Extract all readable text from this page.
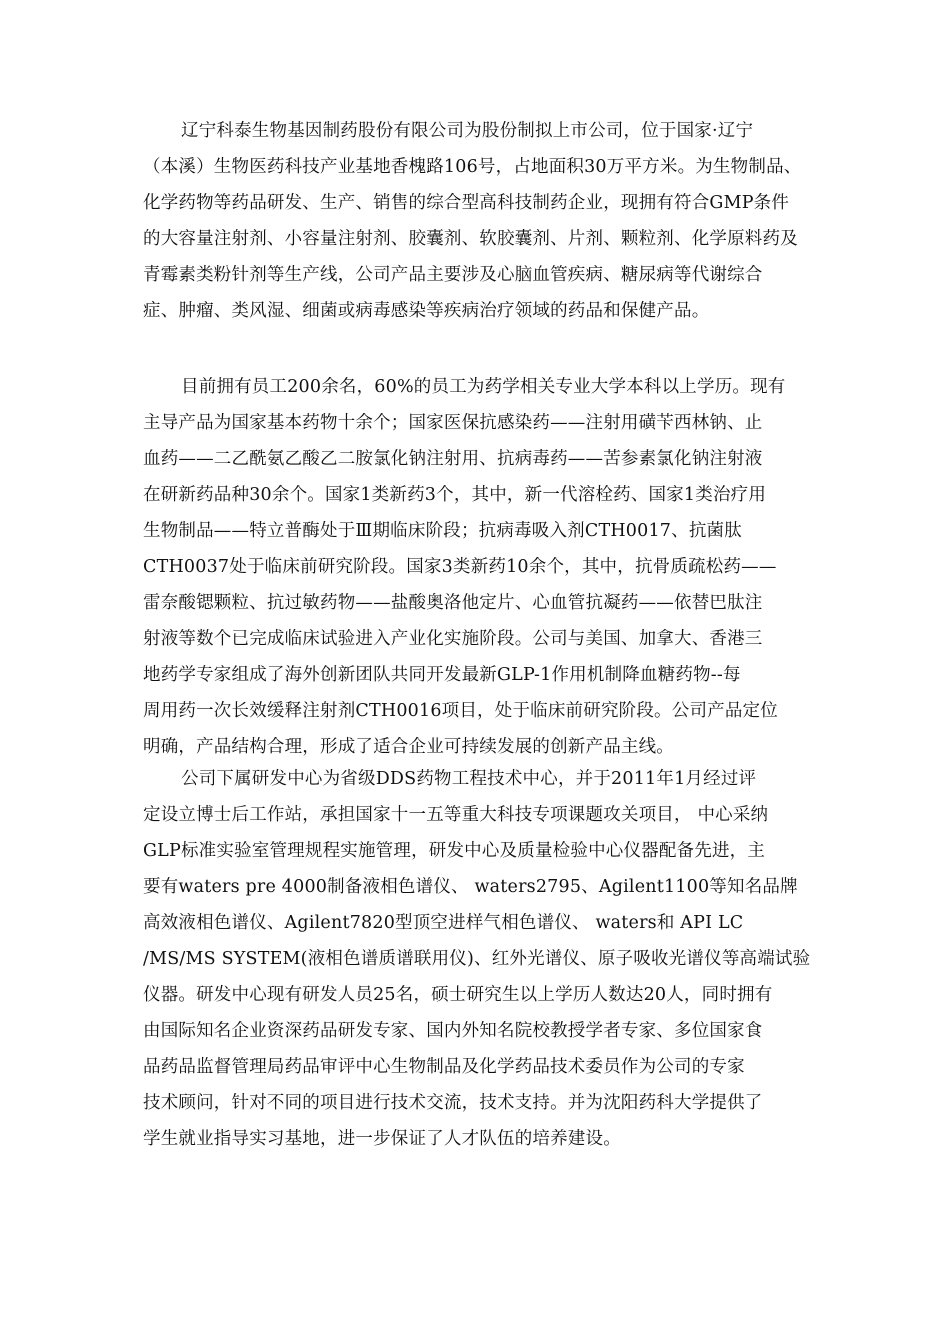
辽宁科泰生物基因制药股份有限公司为股份制拟上市公司，位于国家·辽宁
（本溪）生物医药科技产业基地香槐路106号，占地面积30万平方米。为生物制品、
化学药物等药品研发、生产、销售的综合型高科技制药企业，现拥有符合GMP条件
的大容量注射剂、小容量注射剂、胶囊剂、软胶囊剂、片剂、颗粒剂、化学原料药及
青霉素类粉针剂等生产线，公司产品主要涉及心脑血管疾病、糖尿病等代谢综合
症、肿瘤、类风湿、细菌或病毒感染等疾病治疗领域的药品和保健产品。
目前拥有员工200余名，60%的员工为药学相关专业大学本科以上学历。现有
主导产品为国家基本药物十余个；国家医保抗感染药——注射用磺苄西林钠、止
血药——二乙酰氨乙酸乙二胺氯化钠注射用、抗病毒药——苦参素氯化钠注射液
在研新药品种30余个。国家1类新药3个，其中，新一代溶栓药、国家1类治疗用
生物制品——特立普酶处于Ⅲ期临床阶段；抗病毒吸入剂CTH0017、抗菌肽
CTH0037处于临床前研究阶段。国家3类新药10余个，其中，抗骨质疏松药——
雷奈酸锶颗粒、抗过敏药物——盐酸奥洛他定片、心血管抗凝药——依替巴肽注
射液等数个已完成临床试验进入产业化实施阶段。公司与美国、加拿大、香港三
地药学专家组成了海外创新团队共同开发最新GLP-1作用机制降血糖药物--每
周用药一次长效缓释注射剂CTH0016项目，处于临床前研究阶段。公司产品定位
明确，产品结构合理，形成了适合企业可持续发展的创新产品主线。
公司下属研发中心为省级DDS药物工程技术中心，并于2011年1月经过评
定设立博士后工作站，承担国家十一五等重大科技专项课题攻关项目， 中心采纳
GLP标准实验室管理规程实施管理，研发中心及质量检验中心仪器配备先进，主
要有waters pre 4000制备液相色谱仪、 waters2795、Agilent1100等知名品牌
高效液相色谱仪、Agilent7820型顶空进样气相色谱仪、 waters和 API LC
/MS/MS SYSTEM(液相色谱质谱联用仪)、红外光谱仪、原子吸收光谱仪等高端试验
仪器。研发中心现有研发人员25名，硕士研究生以上学历人数达20人，同时拥有
由国际知名企业资深药品研发专家、国内外知名院校教授学者专家、多位国家食
品药品监督管理局药品审评中心生物制品及化学药品技术委员作为公司的专家
技术顾问，针对不同的项目进行技术交流，技术支持。并为沈阳药科大学提供了
学生就业指导实习基地，进一步保证了人才队伍的培养建设。
